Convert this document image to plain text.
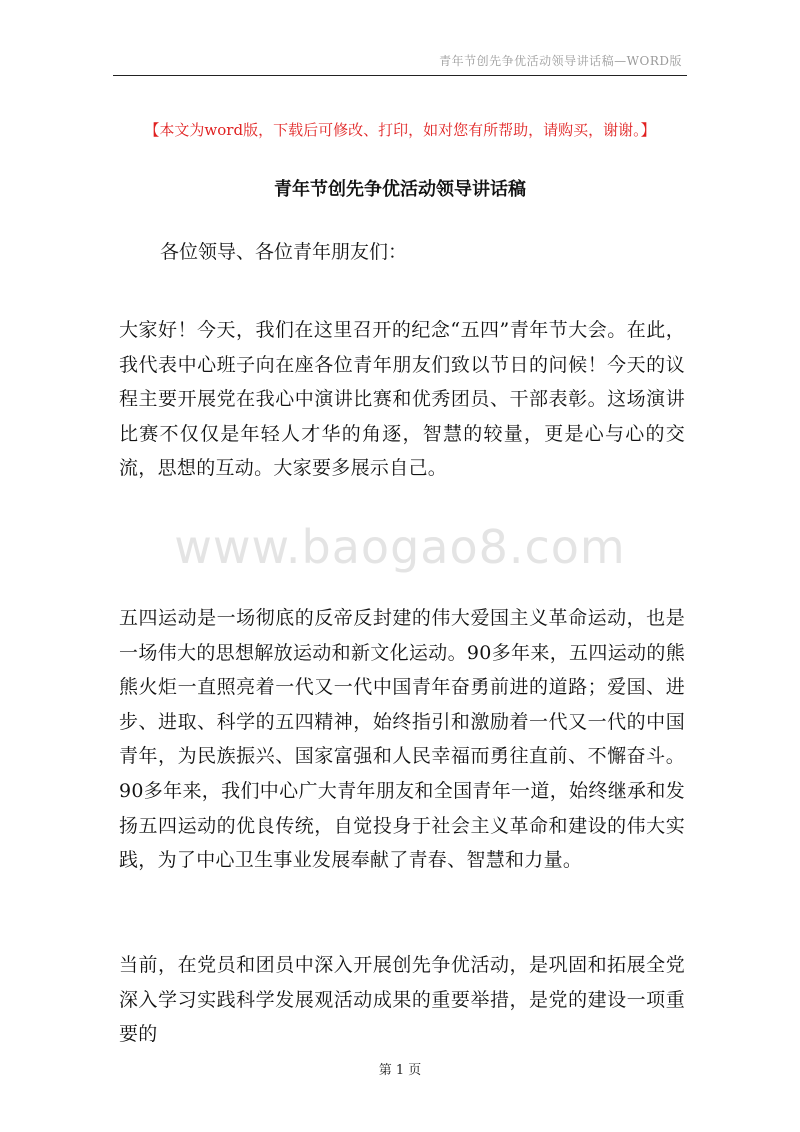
青年节创先争优活动领导讲话稿—WORD版
【本文为word版，下载后可修改、打印，如对您有所帮助，请购买，谢谢。】
青年节创先争优活动领导讲话稿
各位领导、各位青年朋友们：

大家好！今天，我们在这里召开的纪念“五四”青年节大会。在此，我代表中心班子向在座各位青年朋友们致以节日的问候！今天的议程主要开展党在我心中演讲比赛和优秀团员、干部表彰。这场演讲比赛不仅仅是年轻人才华的角逐，智慧的较量，更是心与心的交流，思想的互动。大家要多展示自己。

www.baogao8.com

五四运动是一场彻底的反帝反封建的伟大爱国主义革命运动，也是一场伟大的思想解放运动和新文化运动。90多年来，五四运动的熊熊火炬一直照亮着一代又一代中国青年奋勇前进的道路；爱国、进步、进取、科学的五四精神，始终指引和激励着一代又一代的中国青年，为民族振兴、国家富强和人民幸福而勇往直前、不懈奋斗。90多年来，我们中心广大青年朋友和全国青年一道，始终继承和发扬五四运动的优良传统，自觉投身于社会主义革命和建设的伟大实践，为了中心卫生事业发展奉献了青春、智慧和力量。

当前，在党员和团员中深入开展创先争优活动，是巩固和拓展全党深入学习实践科学发展观活动成果的重要举措，是党的建设一项重要的

第 1 页
